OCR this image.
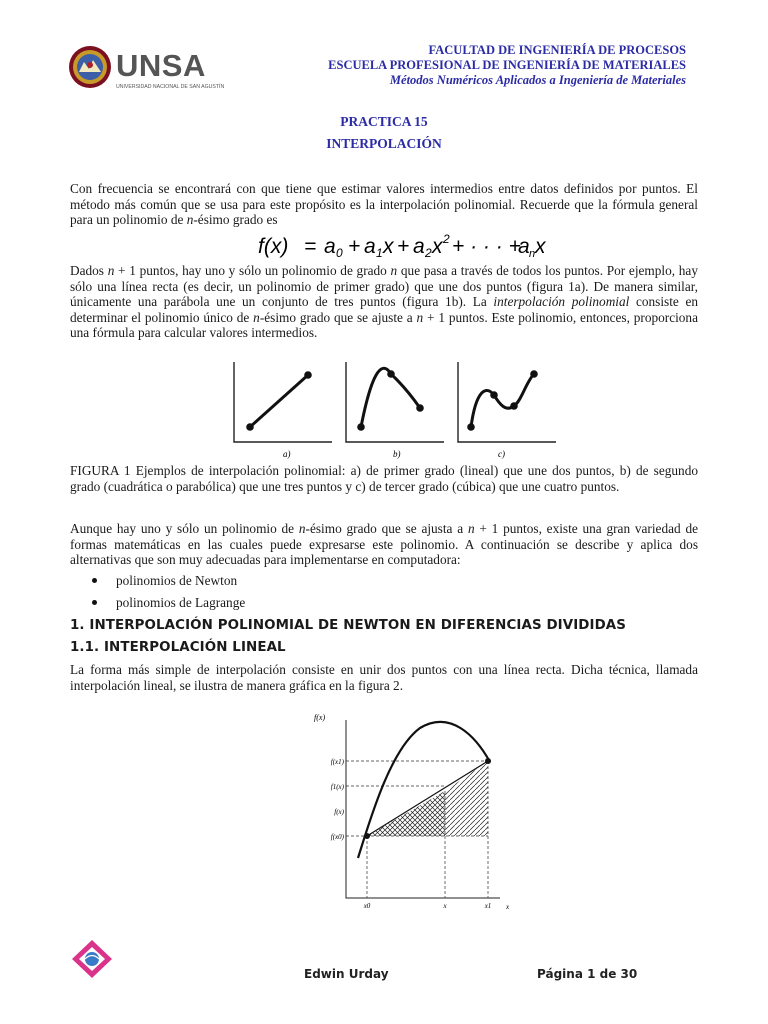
UNSA
UNIVERSIDAD NACIONAL DE SAN AGUSTÍN
FACULTAD DE INGENIERÍA DE PROCESOS
ESCUELA PROFESIONAL DE INGENIERÍA DE MATERIALES
Métodos Numéricos Aplicados a Ingeniería de Materiales
PRACTICA 15
INTERPOLACIÓN

Con frecuencia se encontrará con que tiene que estimar valores intermedios entre datos definidos por puntos. El método más común que se usa para este propósito es la interpolación polinomial. Recuerde que la fórmula general para un polinomio de n-ésimo grado es

f(x) = a 0 + a 1 x + a 2 x 2 + · · · +
a n x

Dados n + 1 puntos, hay uno y sólo un polinomio de grado n que pasa a través de todos los puntos. Por ejemplo, hay sólo una línea recta (es decir, un polinomio de primer grado) que une dos puntos (figura 1a). De manera similar, únicamente una parábola une un conjunto de tres puntos (figura 1b). La interpolación polinomial consiste en determinar el polinomio único de n-ésimo grado que se ajuste a n + 1 puntos. Este polinomio, entonces, proporciona una fórmula para calcular valores intermedios.

a)	b)	c)

FIGURA 1 Ejemplos de interpolación polinomial: a) de primer grado (lineal) que une dos puntos, b) de segundo grado (cuadrática o parabólica) que une tres puntos y c) de tercer grado (cúbica) que une cuatro puntos.

Aunque hay uno y sólo un polinomio de n-ésimo grado que se ajusta a n + 1 puntos, existe una gran variedad de formas matemáticas en las cuales puede expresarse este polinomio. A continuación se describe y aplica dos alternativas que son muy adecuadas para implementarse en computadora:

polinomios de Newton
polinomios de Lagrange
1. INTERPOLACIÓN POLINOMIAL DE NEWTON EN DIFERENCIAS DIVIDIDAS
1.1. INTERPOLACIÓN LINEAL

La forma más simple de interpolación consiste en unir dos puntos con una línea recta. Dicha técnica, llamada interpolación lineal, se ilustra de manera gráfica en la figura 2.

f(x)
f(x1)
f1(x)
f(x)
f(x0)
x0	x	x1 x
Edwin Urday	Página 1 de 30
